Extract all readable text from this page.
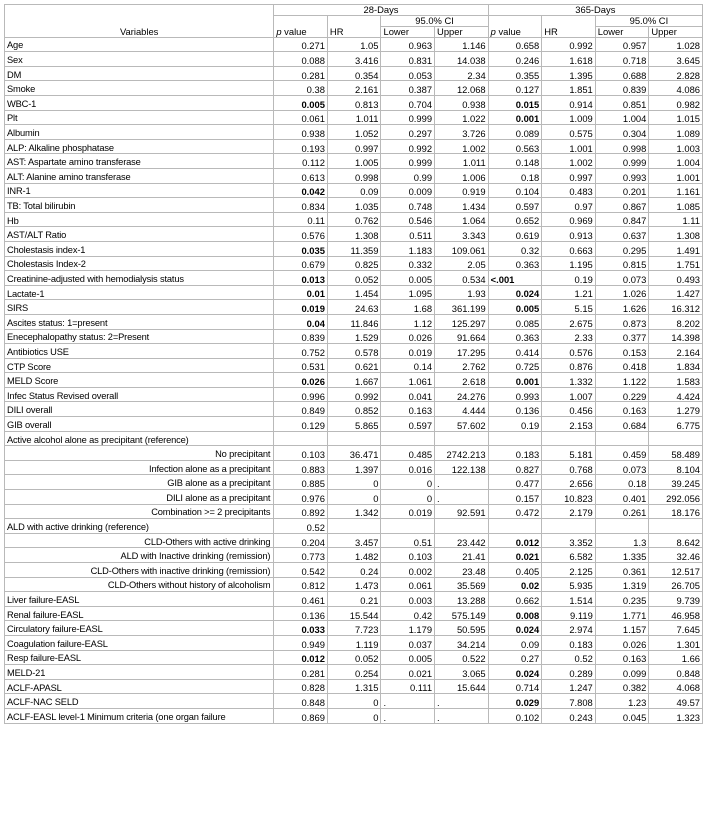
Variables	28-Days				365-Days			
	p value	HR	95.0% CI		p value	HR	95.0% CI	
			Lower	Upper			Lower	Upper
Age	0.271	1.05	0.963	1.146	0.658	0.992	0.957	1.028
Sex	0.088	3.416	0.831	14.038	0.246	1.618	0.718	3.645
DM	0.281	0.354	0.053	2.34	0.355	1.395	0.688	2.828
Smoke	0.38	2.161	0.387	12.068	0.127	1.851	0.839	4.086
WBC-1	0.005	0.813	0.704	0.938	0.015	0.914	0.851	0.982
Plt	0.061	1.011	0.999	1.022	0.001	1.009	1.004	1.015
Albumin	0.938	1.052	0.297	3.726	0.089	0.575	0.304	1.089
ALP: Alkaline phosphatase	0.193	0.997	0.992	1.002	0.563	1.001	0.998	1.003
AST: Aspartate amino transferase	0.112	1.005	0.999	1.011	0.148	1.002	0.999	1.004
ALT: Alanine amino transferase	0.613	0.998	0.99	1.006	0.18	0.997	0.993	1.001
INR-1	0.042	0.09	0.009	0.919	0.104	0.483	0.201	1.161
TB: Total bilirubin	0.834	1.035	0.748	1.434	0.597	0.97	0.867	1.085
Hb	0.11	0.762	0.546	1.064	0.652	0.969	0.847	1.11
AST/ALT Ratio	0.576	1.308	0.511	3.343	0.619	0.913	0.637	1.308
Cholestasis index-1	0.035	11.359	1.183	109.061	0.32	0.663	0.295	1.491
Cholestasis Index-2	0.679	0.825	0.332	2.05	0.363	1.195	0.815	1.751
Creatinine-adjusted with hemodialysis status	0.013	0.052	0.005	0.534	<.001	0.19	0.073	0.493
Lactate-1	0.01	1.454	1.095	1.93	0.024	1.21	1.026	1.427
SIRS	0.019	24.63	1.68	361.199	0.005	5.15	1.626	16.312
Ascites status: 1=present	0.04	11.846	1.12	125.297	0.085	2.675	0.873	8.202
Enecephalopathy status: 2=Present	0.839	1.529	0.026	91.664	0.363	2.33	0.377	14.398
Antibiotics USE	0.752	0.578	0.019	17.295	0.414	0.576	0.153	2.164
CTP Score	0.531	0.621	0.14	2.762	0.725	0.876	0.418	1.834
MELD Score	0.026	1.667	1.061	2.618	0.001	1.332	1.122	1.583
Infec Status Revised overall	0.996	0.992	0.041	24.276	0.993	1.007	0.229	4.424
DILI overall	0.849	0.852	0.163	4.444	0.136	0.456	0.163	1.279
GIB overall	0.129	5.865	0.597	57.602	0.19	2.153	0.684	6.775
Active alcohol alone as precipitant (reference)								
No precipitant	0.103	36.471	0.485	2742.213	0.183	5.181	0.459	58.489
Infection alone as a precipitant	0.883	1.397	0.016	122.138	0.827	0.768	0.073	8.104
GIB alone as a precipitant	0.885	0	0	.	0.477	2.656	0.18	39.245
DILI alone as a precipitant	0.976	0	0	.	0.157	10.823	0.401	292.056
Combination >= 2 precipitants	0.892	1.342	0.019	92.591	0.472	2.179	0.261	18.176
ALD with active drinking (reference)	0.52							
CLD-Others with active drinking	0.204	3.457	0.51	23.442	0.012	3.352	1.3	8.642
ALD with Inactive drinking (remission)	0.773	1.482	0.103	21.41	0.021	6.582	1.335	32.46
CLD-Others with inactive drinking (remission)	0.542	0.24	0.002	23.48	0.405	2.125	0.361	12.517
CLD-Others without history of alcoholism	0.812	1.473	0.061	35.569	0.02	5.935	1.319	26.705
Liver failure-EASL	0.461	0.21	0.003	13.288	0.662	1.514	0.235	9.739
Renal failure-EASL	0.136	15.544	0.42	575.149	0.008	9.119	1.771	46.958
Circulatory failure-EASL	0.033	7.723	1.179	50.595	0.024	2.974	1.157	7.645
Coagulation failure-EASL	0.949	1.119	0.037	34.214	0.09	0.183	0.026	1.301
Resp failure-EASL	0.012	0.052	0.005	0.522	0.27	0.52	0.163	1.66
MELD-21	0.281	0.254	0.021	3.065	0.024	0.289	0.099	0.848
ACLF-APASL	0.828	1.315	0.111	15.644	0.714	1.247	0.382	4.068
ACLF-NAC SELD	0.848	0	.	.	0.029	7.808	1.23	49.57
ACLF-EASL level-1 Minimum criteria (one organ failure	0.869	0	.	.	0.102	0.243	0.045	1.323
